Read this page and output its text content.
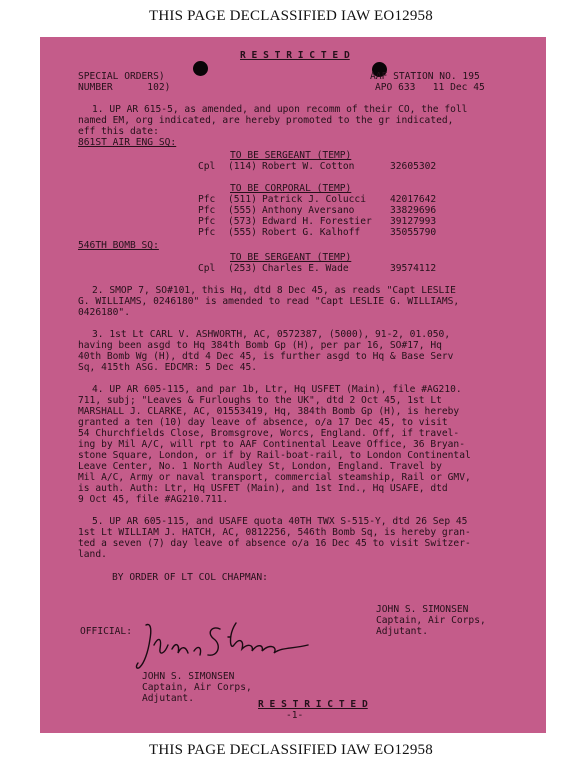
THIS PAGE DECLASSIFIED IAW EO12958
R E S T R I C T E D
SPECIAL ORDERS)
NUMBER      102)
AAF STATION NO. 195
APO 633   11 Dec 45
1. UP AR 615-5, as amended, and upon recomm of their CO, the foll
named EM, org indicated, are hereby promoted to the gr indicated,
eff this date:
861ST AIR ENG SQ:
TO BE SERGEANT (TEMP)
Cpl (114) Robert W. Cotton	32605302
TO BE CORPORAL (TEMP)
Pfc (511) Patrick J. Colucci	42017642
Pfc (555) Anthony Aversano	33829696
Pfc (573) Edward H. Forestier 39127993
Pfc (555) Robert G. Kalhoff	35055790
546TH BOMB SQ:
TO BE SERGEANT (TEMP)
Cpl (253) Charles E. Wade	39574112
2. SMOP 7, SO#101, this Hq, dtd 8 Dec 45, as reads "Capt LESLIE
G. WILLIAMS, 0246180" is amended to read "Capt LESLIE G. WILLIAMS,
0426180".
3. 1st Lt CARL V. ASHWORTH, AC, 0572387, (5000), 91-2, 01.050,
having been asgd to Hq 384th Bomb Gp (H), per par 16, SO#17, Hq
40th Bomb Wg (H), dtd 4 Dec 45, is further asgd to Hq & Base Serv
Sq, 415th ASG. EDCMR: 5 Dec 45.
4. UP AR 605-115, and par 1b, Ltr, Hq USFET (Main), file #AG210.
711, subj; "Leaves & Furloughs to the UK", dtd 2 Oct 45, 1st Lt
MARSHALL J. CLARKE, AC, 01553419, Hq, 384th Bomb Gp (H), is hereby
granted a ten (10) day leave of absence, o/a 17 Dec 45, to visit
54 Churchfields Close, Bromsgrove, Worcs, England. Off, if travel-
ing by Mil A/C, will rpt to AAF Continental Leave Office, 36 Bryan-
stone Square, London, or if by Rail-boat-rail, to London Continental
Leave Center, No. 1 North Audley St, London, England. Travel by
Mil A/C, Army or naval transport, commercial steamship, Rail or GMV,
is auth. Auth: Ltr, Hq USFET (Main), and 1st Ind., Hq USAFE, dtd
9 Oct 45, file #AG210.711.
5. UP AR 605-115, and USAFE quota 40TH TWX S-515-Y, dtd 26 Sep 45
1st Lt WILLIAM J. HATCH, AC, 0812256, 546th Bomb Sq, is hereby gran-
ted a seven (7) day leave of absence o/a 16 Dec 45 to visit Switzer-
land.
BY ORDER OF LT COL CHAPMAN:
JOHN S. SIMONSEN
Captain, Air Corps,
Adjutant.
OFFICIAL:
JOHN S. SIMONSEN
Captain, Air Corps,
Adjutant.
R E S T R I C T E D
-1-
THIS PAGE DECLASSIFIED IAW EO12958
